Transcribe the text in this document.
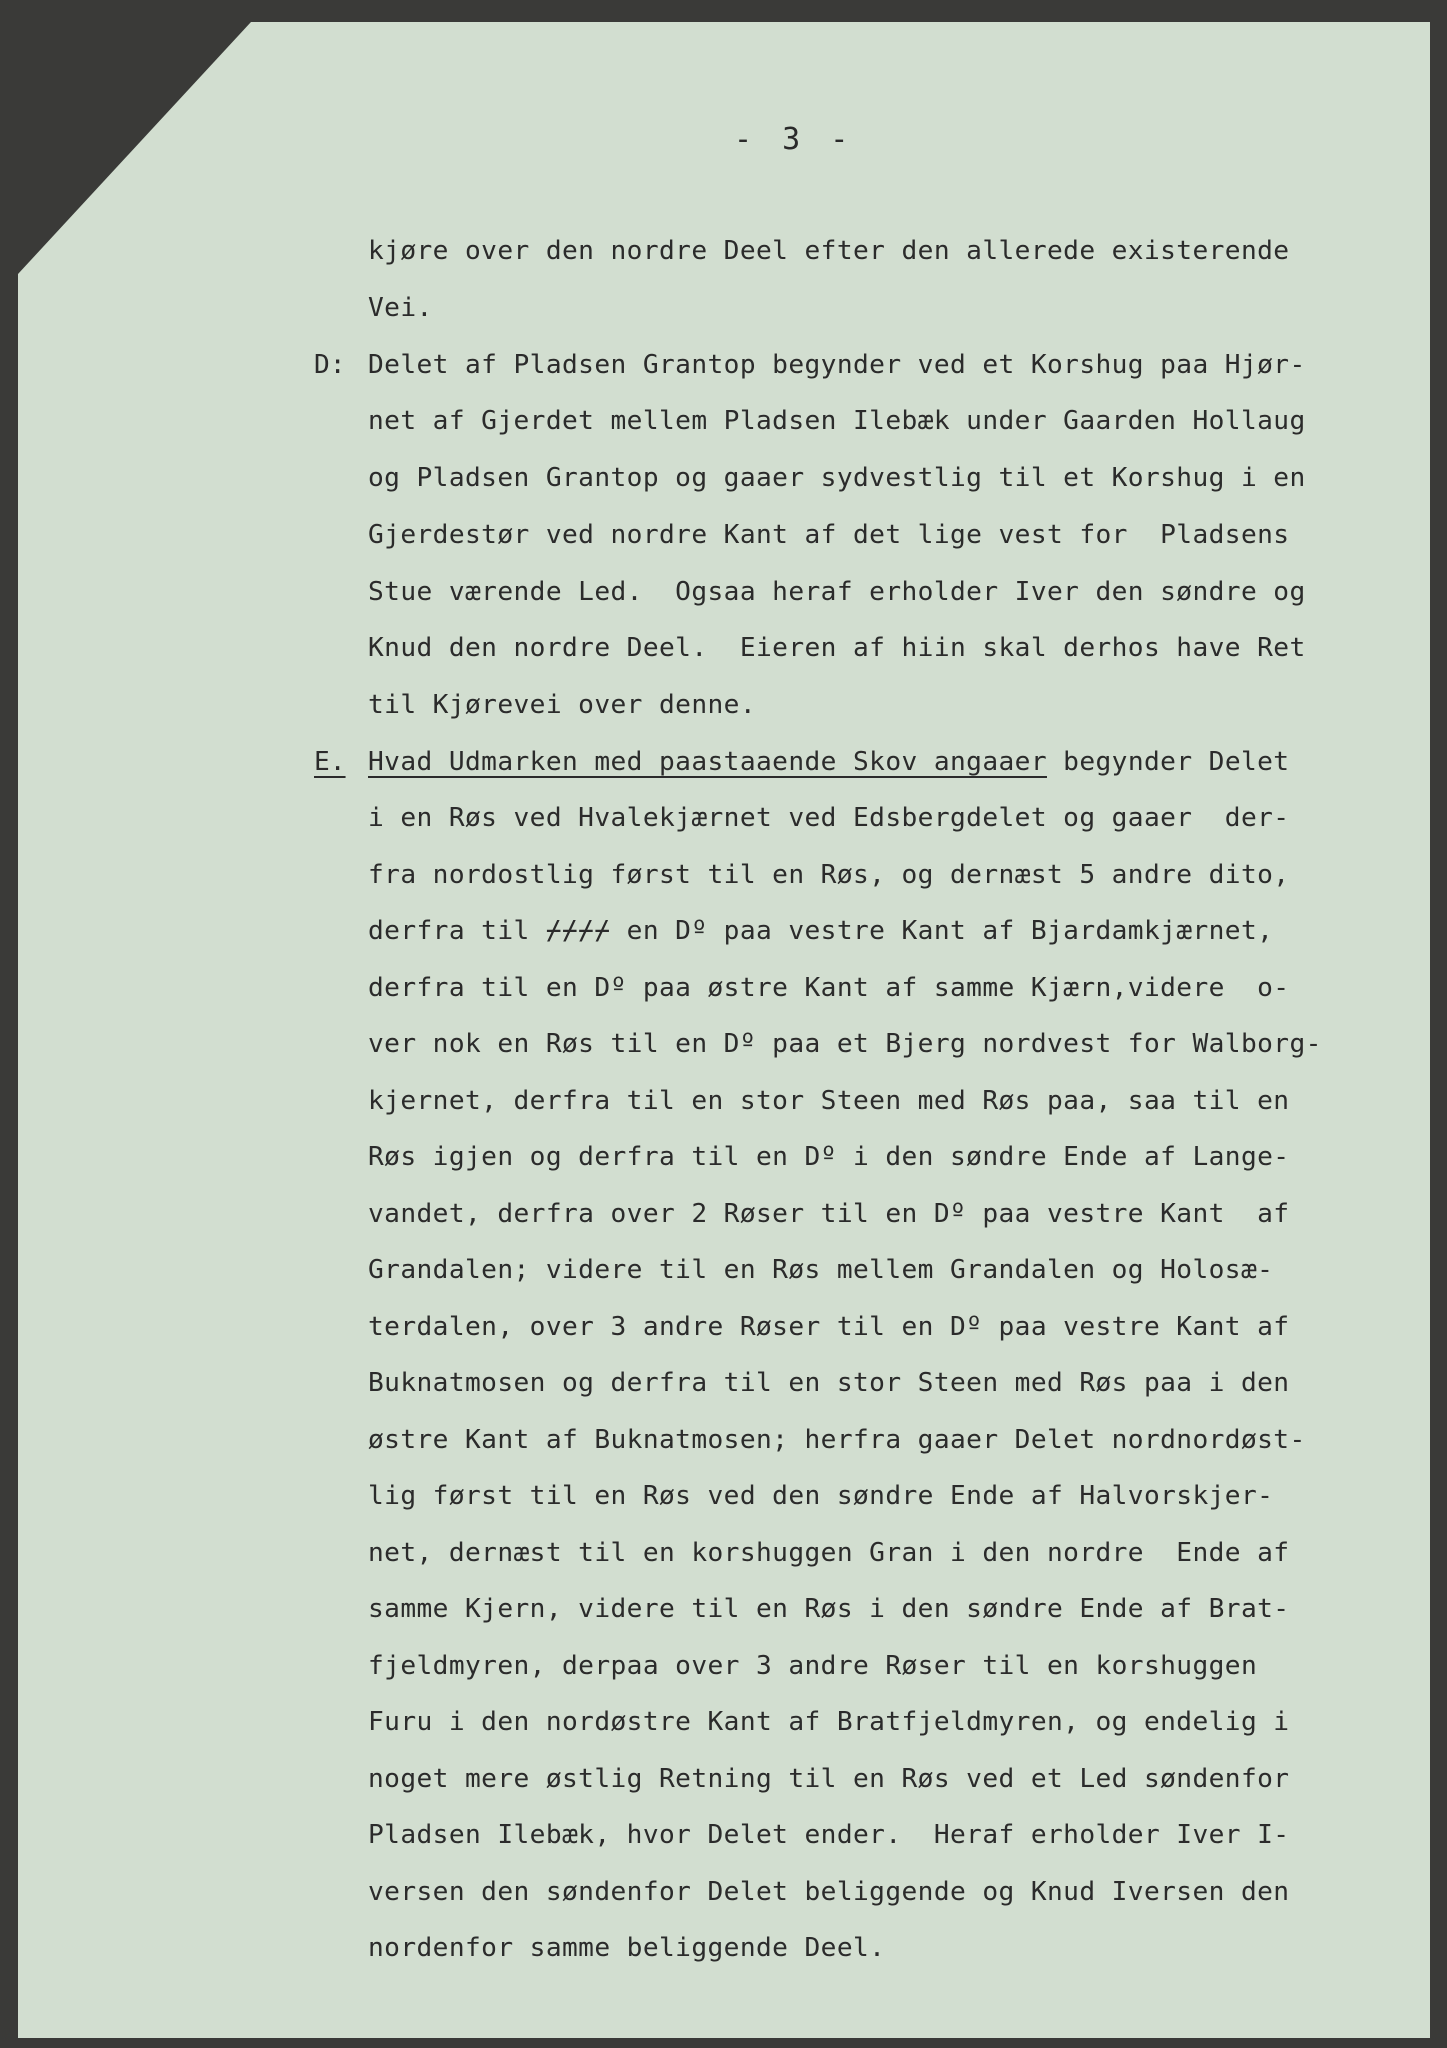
- 3 -
kjøre over den nordre Deel efter den allerede existerende
Vei.
D: Delet af Pladsen Grantop begynder ved et Korshug paa Hjør-
net af Gjerdet mellem Pladsen Ilebæk under Gaarden Hollaug
og Pladsen Grantop og gaaer sydvestlig til et Korshug i en
Gjerdestør ved nordre Kant af det lige vest for  Pladsens
Stue værende Led.  Ogsaa heraf erholder Iver den søndre og
Knud den nordre Deel.  Eieren af hiin skal derhos have Ret
til Kjørevei over denne.
E. Hvad Udmarken med paastaaende Skov angaaer begynder Delet
i en Røs ved Hvalekjærnet ved Edsbergdelet og gaaer  der-
fra nordostlig først til en Røs, og dernæst 5 andre dito,
derfra til ⌿⌿⌿⌿ en Dº paa vestre Kant af Bjardamkjærnet,
derfra til en Dº paa østre Kant af samme Kjærn,videre  o-
ver nok en Røs til en Dº paa et Bjerg nordvest for Walborg-
kjernet, derfra til en stor Steen med Røs paa, saa til en
Røs igjen og derfra til en Dº i den søndre Ende af Lange-
vandet, derfra over 2 Røser til en Dº paa vestre Kant  af
Grandalen; videre til en Røs mellem Grandalen og Holosæ-
terdalen, over 3 andre Røser til en Dº paa vestre Kant af
Buknatmosen og derfra til en stor Steen med Røs paa i den
østre Kant af Buknatmosen; herfra gaaer Delet nordnordøst-
lig først til en Røs ved den søndre Ende af Halvorskjer-
net, dernæst til en korshuggen Gran i den nordre  Ende af
samme Kjern, videre til en Røs i den søndre Ende af Brat-
fjeldmyren, derpaa over 3 andre Røser til en korshuggen
Furu i den nordøstre Kant af Bratfjeldmyren, og endelig i
noget mere østlig Retning til en Røs ved et Led søndenfor
Pladsen Ilebæk, hvor Delet ender.  Heraf erholder Iver I-
versen den søndenfor Delet beliggende og Knud Iversen den
nordenfor samme beliggende Deel.
